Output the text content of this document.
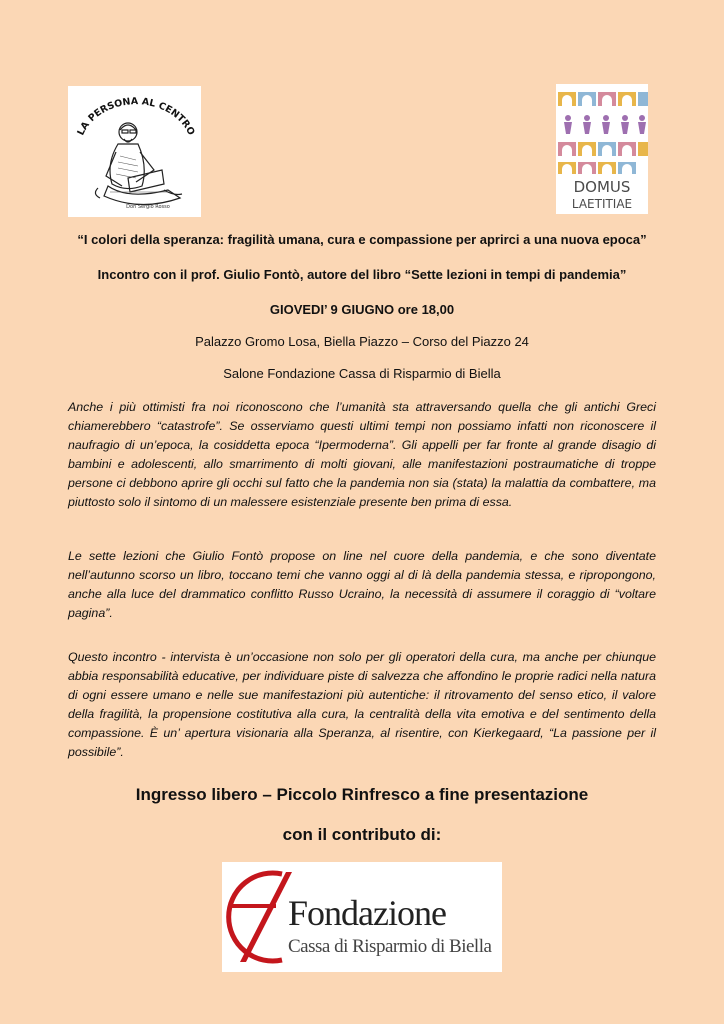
LA PERSONA AL CENTRO
Don Sergio Rosso
DOMUS
LAETITIAE
“I colori della speranza: fragilità umana, cura e compassione per aprirci a una nuova epoca”
Incontro con il prof. Giulio Fontò, autore del libro “Sette lezioni in tempi di pandemia”
GIOVEDI’ 9 GIUGNO ore 18,00
Palazzo Gromo Losa, Biella Piazzo – Corso del Piazzo 24
Salone Fondazione Cassa di Risparmio di Biella

Anche i più ottimisti fra noi riconoscono che l’umanità sta attraversando quella che gli antichi Greci chiamerebbero “catastrofe”. Se osserviamo questi ultimi tempi non possiamo infatti non riconoscere il naufragio di un’epoca, la cosiddetta epoca “Ipermoderna”. Gli appelli per far fronte al grande disagio di bambini e adolescenti, allo smarrimento di molti giovani, alle manifestazioni postraumatiche di troppe persone ci debbono aprire gli occhi sul fatto che la pandemia non sia (stata) la malattia da combattere, ma piuttosto solo il sintomo di un malessere esistenziale presente ben prima di essa.

Le sette lezioni che Giulio Fontò propose on line nel cuore della pandemia, e che sono diventate nell’autunno scorso un libro, toccano temi che vanno oggi al di là della pandemia stessa, e ripropongono, anche alla luce del drammatico conflitto Russo Ucraino, la necessità di assumere il coraggio di “voltare pagina”.

Questo incontro - intervista è un’occasione non solo per gli operatori della cura, ma anche per chiunque abbia responsabilità educative, per individuare piste di salvezza che affondino le proprie radici nella natura di ogni essere umano e nelle sue manifestazioni più autentiche: il ritrovamento del senso etico, il valore della fragilità, la propensione costitutiva alla cura, la centralità della vita emotiva e del sentimento della compassione. È un’ apertura visionaria alla Speranza, al risentire, con Kierkegaard, “La passione per il possibile”.

Ingresso libero – Piccolo Rinfresco a fine presentazione
con il contributo di:
Fondazione
Cassa di Risparmio di Biella
